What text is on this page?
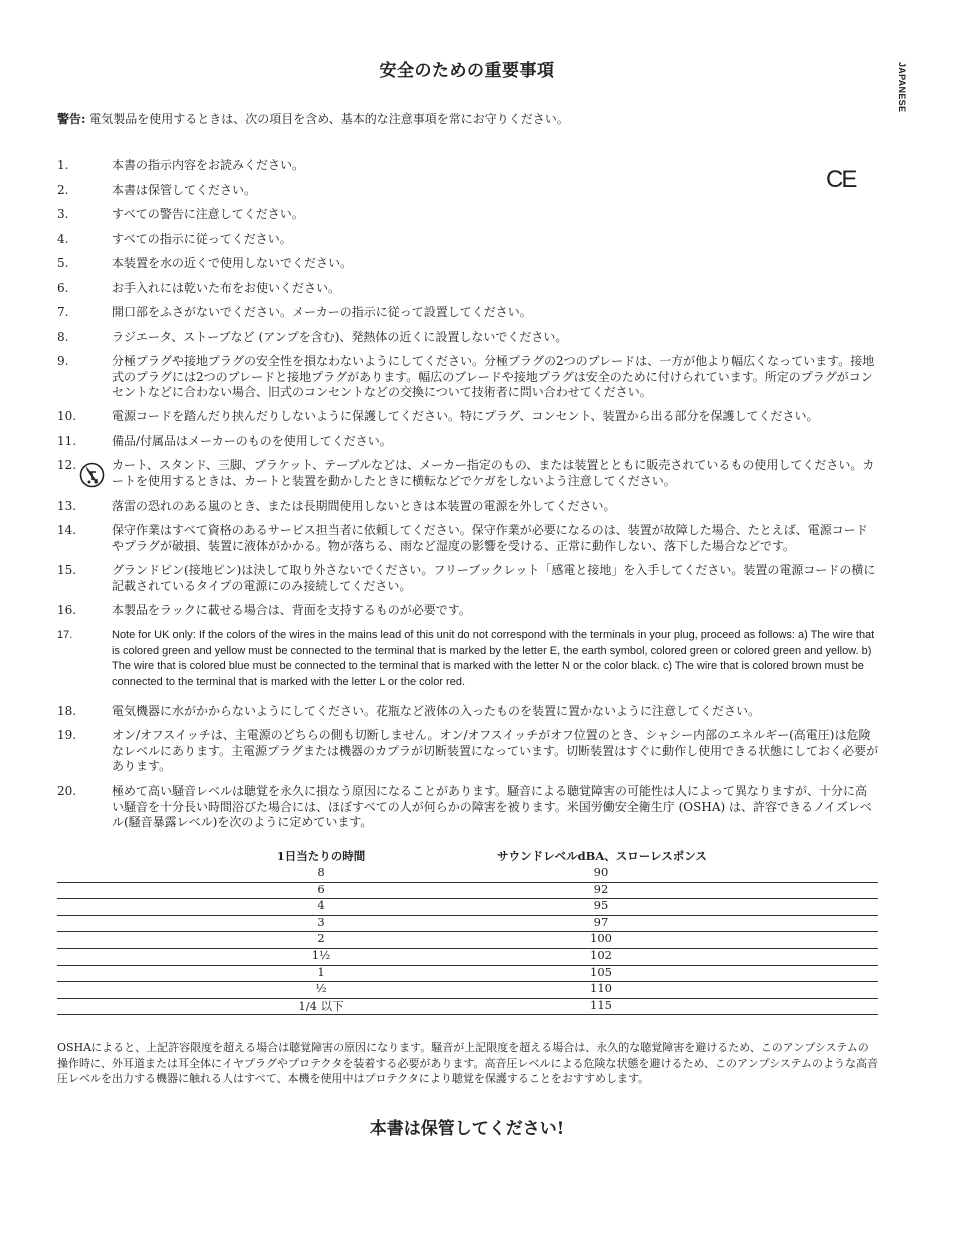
安全のための重要事項	JAPANESE
警告: 電気製品を使用するときは、次の項目を含め、基本的な注意事項を常にお守りください。
CE
1.	本書の指示内容をお読みください。
2.	本書は保管してください。
3.	すべての警告に注意してください。
4.	すべての指示に従ってください。
5.	本装置を水の近くで使用しないでください。
6.	お手入れには乾いた布をお使いください。
7.	開口部をふさがないでください。メーカーの指示に従って設置してください。
8.	ラジエータ、ストーブなど (アンプを含む)、発熱体の近くに設置しないでください。
9.	分極プラグや接地プラグの安全性を損なわないようにしてください。分極プラグの2つのブレードは、一方が他より幅広くなっています。接地式のプラグには2つのブレードと接地プラグがあります。幅広のブレードや接地プラグは安全のために付けられています。所定のプラグがコンセントなどに合わない場合、旧式のコンセントなどの交換について技術者に問い合わせてください。
10.	電源コードを踏んだり挟んだりしないように保護してください。特にプラグ、コンセント、装置から出る部分を保護してください。
11.	備品/付属品はメーカーのものを使用してください。
12.	カート、スタンド、三脚、ブラケット、テーブルなどは、メーカー指定のもの、または装置とともに販売されているもの使用してください。カートを使用するときは、カートと装置を動かしたときに横転などでケガをしないよう注意してください。
13.	落雷の恐れのある嵐のとき、または長期間使用しないときは本装置の電源を外してください。
14.	保守作業はすべて資格のあるサービス担当者に依頼してください。保守作業が必要になるのは、装置が故障した場合、たとえば、電源コードやプラグが破損、装置に液体がかかる。物が落ちる、雨など湿度の影響を受ける、正常に動作しない、落下した場合などです。
15.	グランドピン(接地ピン)は決して取り外さないでください。フリーブックレット「感電と接地」を入手してください。装置の電源コードの横に記載されているタイプの電源にのみ接続してください。
16.	本製品をラックに載せる場合は、背面を支持するものが必要です。
17.	Note for UK only: If the colors of the wires in the mains lead of this unit do not correspond with the terminals in your plug, proceed as follows: a) The wire that is colored green and yellow must be connected to the terminal that is marked by the letter E, the earth symbol, colored green or colored green and yellow. b) The wire that is colored blue must be connected to the terminal that is marked with the letter N or the color black. c) The wire that is colored brown must be connected to the terminal that is marked with the letter L or the color red.
18.	電気機器に水がかからないようにしてください。花瓶など液体の入ったものを装置に置かないように注意してください。
19.	オン/オフスイッチは、主電源のどちらの側も切断しません。オン/オフスイッチがオフ位置のとき、シャシー内部のエネルギー(高電圧)は危険なレベルにあります。主電源プラグまたは機器のカプラが切断装置になっています。切断装置はすぐに動作し使用できる状態にしておく必要があります。
20.	極めて高い騒音レベルは聴覚を永久に損なう原因になることがあります。騒音による聴覚障害の可能性は人によって異なりますが、十分に高い騒音を十分長い時間浴びた場合には、ほぼすべての人が何らかの障害を被ります。米国労働安全衛生庁 (OSHA) は、許容できるノイズレベル(騒音暴露レベル)を次のように定めています。
1日当たりの時間	サウンドレベルdBA、スローレスポンス
8	90
6	92
4	95
3	97
2	100
1½	102
1	105
½	110
1/4 以下	115
OSHAによると、上記許容限度を超える場合は聴覚障害の原因になります。騒音が上記限度を超える場合は、永久的な聴覚障害を避けるため、このアンプシステムの操作時に、外耳道または耳全体にイヤプラグやプロテクタを装着する必要があります。高音圧レベルによる危険な状態を避けるため、このアンプシステムのような高音圧レベルを出力する機器に触れる人はすべて、本機を使用中はプロテクタにより聴覚を保護することをおすすめします。
本書は保管してください!
